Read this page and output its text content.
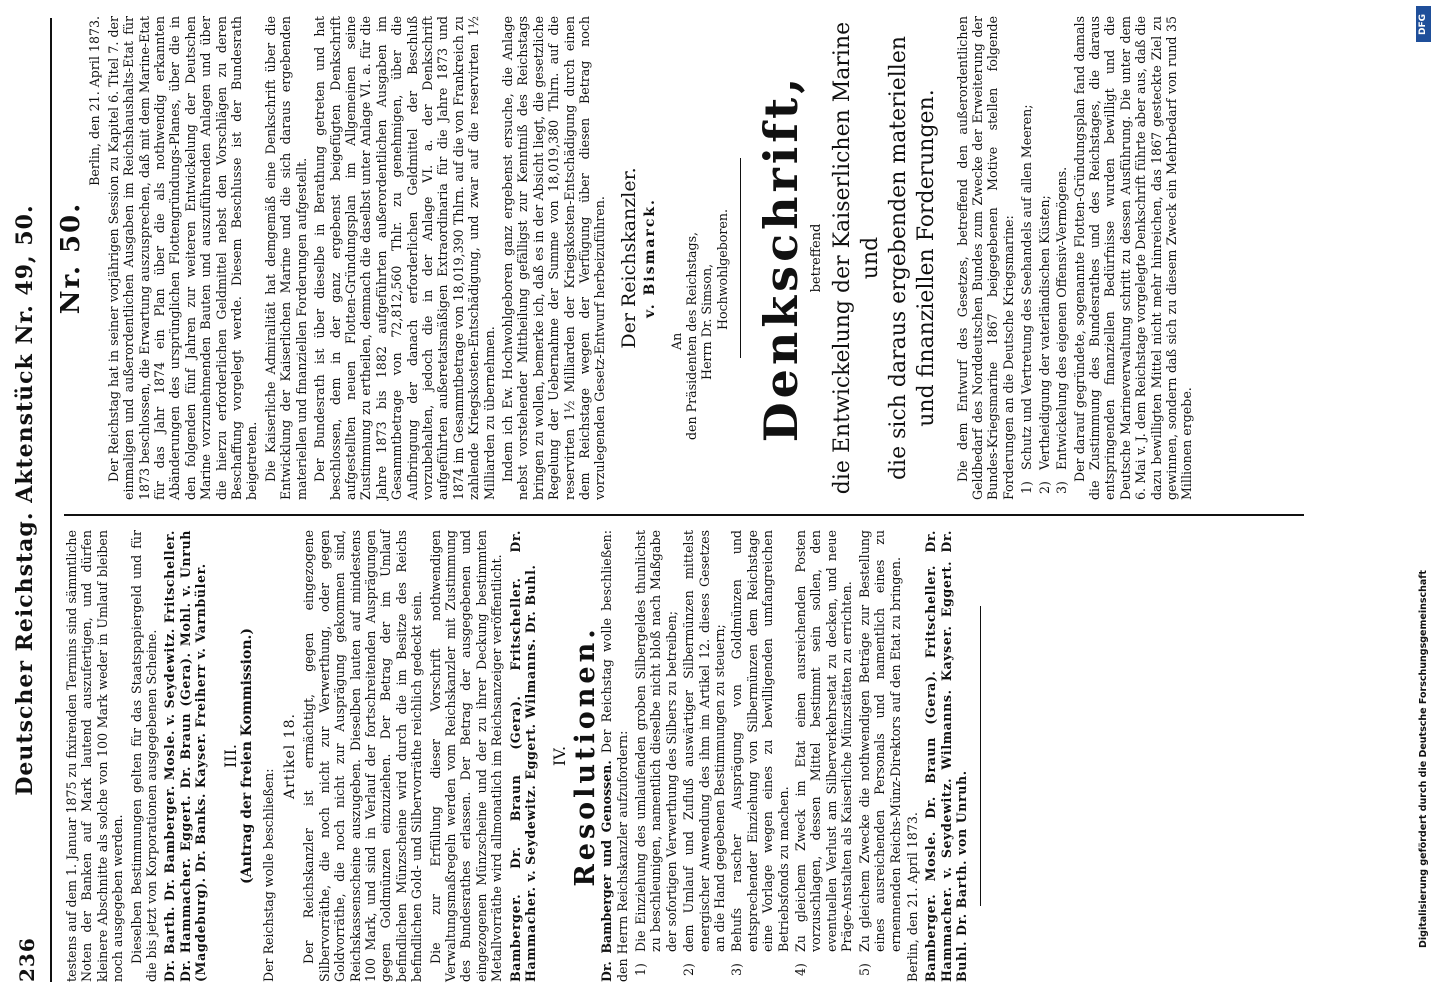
236
Deutscher Reichstag. Aktenstück Nr. 49, 50. testens auf dem 1. Januar 1875 zu fixirenden Termins sind sämmtliche Noten der Banken auf Mark lautend auszufertigen, und dürfen kleinere Abschnitte als solche von 100 Mark weder in Umlauf bleiben noch ausgegeben werden. Dieselben Bestimmungen gelten für das Staatspapiergeld und für die bis jetzt von Korporationen ausgegebenen Scheine. Dr. Barth. Dr. Bamberger. Mosle. v. Seydewitz. Fritscheller. Dr. Hammacher. Eggert. Dr. Braun (Gera). Mohl. v. Unruh (Magdeburg). Dr. Banks. Kayser. Freiherr v. Varnbüler. III. (Antrag der freien Kommission.) Der Reichstag wolle beschließen:

Artikel 18. Der Reichskanzler ist ermächtigt, gegen eingezogene Silbervorräthe, die noch nicht zur Verwerthung, oder gegen Goldvorräthe, die noch nicht zur Ausprägung gekommen sind, Reichskassenscheine auszugeben. Dieselben lauten auf mindestens 100 Mark, und sind in Verlauf der fortschreitenden Ausprägungen gegen Goldmünzen einzuziehen. Der Betrag der im Umlauf befindlichen Münzscheine wird durch die im Besitze des Reichs befindlichen Gold- und Silbervorräthe reichlich gedeckt sein. Die zur Erfüllung dieser Vorschrift nothwendigen Verwaltungsmaßregeln werden vom Reichskanzler mit Zustimmung des Bundesrathes erlassen. Der Betrag der ausgegebenen und eingezogenen Münzscheine und der zu ihrer Deckung bestimmten Metallvorräthe wird allmonatlich im Reichsanzeiger veröffentlicht. Bamberger. Dr. Braun (Gera). Fritscheller. Dr. Hammacher. v. Seydewitz. Eggert. Wilmanns. Dr. Buhl. IV. Resolutionen.

Dr. Bamberger und Genossen. Der Reichstag wolle beschließen: den Herrn Reichskanzler aufzufordern: 1)
Die Einziehung des umlaufenden groben Silbergeldes thunlichst zu beschleunigen, namentlich dieselbe nicht bloß nach Maßgabe der sofortigen Verwerthung des Silbers zu betreiben;
2)
dem Umlauf und Zufluß auswärtiger Silbermünzen mittelst energischer Anwendung des ihm im Artikel 12. dieses Gesetzes an die Hand gegebenen Bestimmungen zu steuern;
3)
Behufs rascher Ausprägung von Goldmünzen und entsprechender Einziehung von Silbermünzen dem Reichstage eine Vorlage wegen eines zu bewilligenden umfangreichen Betriebsfonds zu machen.
4)
Zu gleichem Zweck im Etat einen ausreichenden Posten vorzuschlagen, dessen Mittel bestimmt sein sollen, den eventuellen Verlust am Silberverkehrsetat zu decken, und neue Präge-Anstalten als Kaiserliche Münzstätten zu errichten.
5)
Zu gleichem Zwecke die nothwendigen Beträge zur Bestellung eines ausreichenden Personals und namentlich eines zu ernennenden Reichs-Münz-Direktors auf den Etat zu bringen. Berlin, den 21. April 1873. Bamberger. Mosle. Dr. Braun (Gera). Fritscheller. Dr. Hammacher. v. Seydewitz. Wilmanns. Kayser. Eggert. Dr. Buhl. Dr. Barth. von Unruh.

Nr. 50.

Berlin, den 21. April 1873. Der Reichstag hat in seiner vorjährigen Session zu Kapitel 6. Titel 7. der einmaligen und außerordentlichen Ausgaben im Reichshaushalts-Etat für 1873 beschlossen, die Erwartung auszusprechen, daß mit dem Marine-Etat für das Jahr 1874 ein Plan über die als nothwendig erkannten Abänderungen des ursprünglichen Flottengründungs-Planes, über die in den folgenden fünf Jahren zur weiteren Entwickelung der Deutschen Marine vorzunehmenden Bauten und auszuführenden Anlagen und über die hierzu erforderlichen Geldmittel nebst den Vorschlägen zu deren Beschaffung vorgelegt werde. Diesem Beschlusse ist der Bundesrath beigetreten. Die Kaiserliche Admiralität hat demgemäß eine Denkschrift über die Entwicklung der Kaiserlichen Marine und die sich daraus ergebenden materiellen und finanziellen Forderungen aufgestellt. Der Bundesrath ist über dieselbe in Berathung getreten und hat beschlossen, dem in der ganz ergebenst beigefügten Denkschrift aufgestellten neuen Flotten-Gründungsplan im Allgemeinen seine Zustimmung zu ertheilen, demnach die daselbst unter Anlage VI. a. für die Jahre 1873 bis 1882 aufgeführten außerordentlichen Ausgaben im Gesammtbetrage von 72,812,560 Thlr. zu genehmigen, über die Aufbringung der danach erforderlichen Geldmittel der Beschluß vorzubehalten, jedoch die in der Anlage VI. a. der Denkschrift aufgeführten außeretatsmäßigen Extraordinaria für die Jahre 1873 und 1874 im Gesammtbetrage von 18,019,390 Thlrn. auf die von Frankreich zu zahlende Kriegskosten-Entschädigung, und zwar auf die reservirten 1½ Milliarden zu übernehmen. Indem ich Ew. Hochwohlgeboren ganz ergebenst ersuche, die Anlage nebst vorstehender Mittheilung gefälligst zur Kenntniß des Reichstags bringen zu wollen, bemerke ich, daß es in der Absicht liegt, die gesetzliche Regelung der Uebernahme der Summe von 18,019,380 Thlrn. auf die reservirten 1½ Milliarden der Kriegskosten-Entschädigung durch einen dem Reichstage wegen der Verfügung über diesen Betrag noch vorzulegenden Gesetz-Entwurf herbeizuführen. Der Reichskanzler. v. Bismarck.

An den Präsidenten des Reichstags, Herrn Dr. Simson, Hochwohlgeboren. Denkschrift, betreffend die Entwickelung der Kaiserlichen Marine und die sich daraus ergebenden materiellen und finanziellen Forderungen. Die dem Entwurf des Gesetzes, betreffend den außerordentlichen Geldbedarf des Norddeutschen Bundes zum Zwecke der Erweiterung der Bundes-Kriegsmarine 1867 beigegebenen Motive stellen folgende Forderungen an die Deutsche Kriegsmarine: 1)
Schutz und Vertretung des Seehandels auf allen Meeren;
2)
Vertheidigung der vaterländischen Küsten;
3)
Entwickelung des eigenen Offensiv-Vermögens. Der darauf gegründete, sogenannte Flotten-Gründungsplan fand damals die Zustimmung des Bundesrathes und des Reichstages, die daraus entspringenden finanziellen Bedürfnisse wurden bewilligt und die Deutsche Marineverwaltung schritt zu dessen Ausführung. Die unter dem 6. Mai v. J. dem Reichstage vorgelegte Denkschrift führte aber aus, daß die dazu bewilligten Mittel nicht mehr hinreichen, das 1867 gesteckte Ziel zu gewinnen, sondern daß sich zu diesem Zweck ein Mehrbedarf von rund 35 Millionen ergebe.

DFG
Digitalisierung gefördert durch die Deutsche Forschungsgemeinschaft
